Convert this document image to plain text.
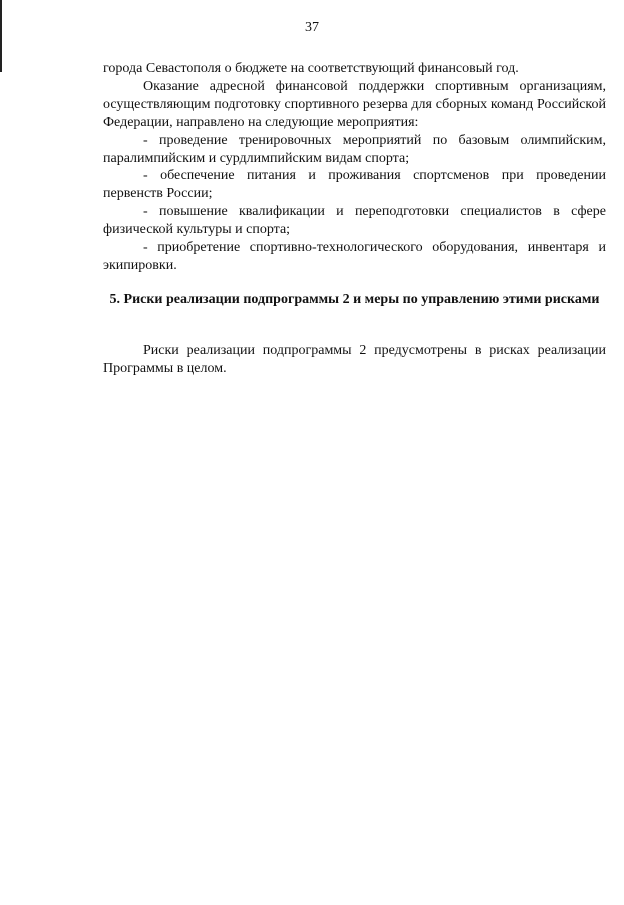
37

города Севастополя о бюджете на соответствующий финансовый год.

Оказание адресной финансовой поддержки спортивным организациям, осуществляющим подготовку спортивного резерва для сборных команд Российской Федерации, направлено на следующие мероприятия:

- проведение тренировочных мероприятий по базовым олимпийским, паралимпийским и сурдлимпийским видам спорта;

- обеспечение питания и проживания спортсменов при проведении первенств России;

- повышение квалификации и переподготовки специалистов в сфере физической культуры и спорта;

- приобретение спортивно-технологического оборудования, инвентаря и экипировки.

5. Риски реализации подпрограммы 2 и меры по управлению этими рисками

Риски реализации подпрограммы 2 предусмотрены в рисках реализации Программы в целом.
